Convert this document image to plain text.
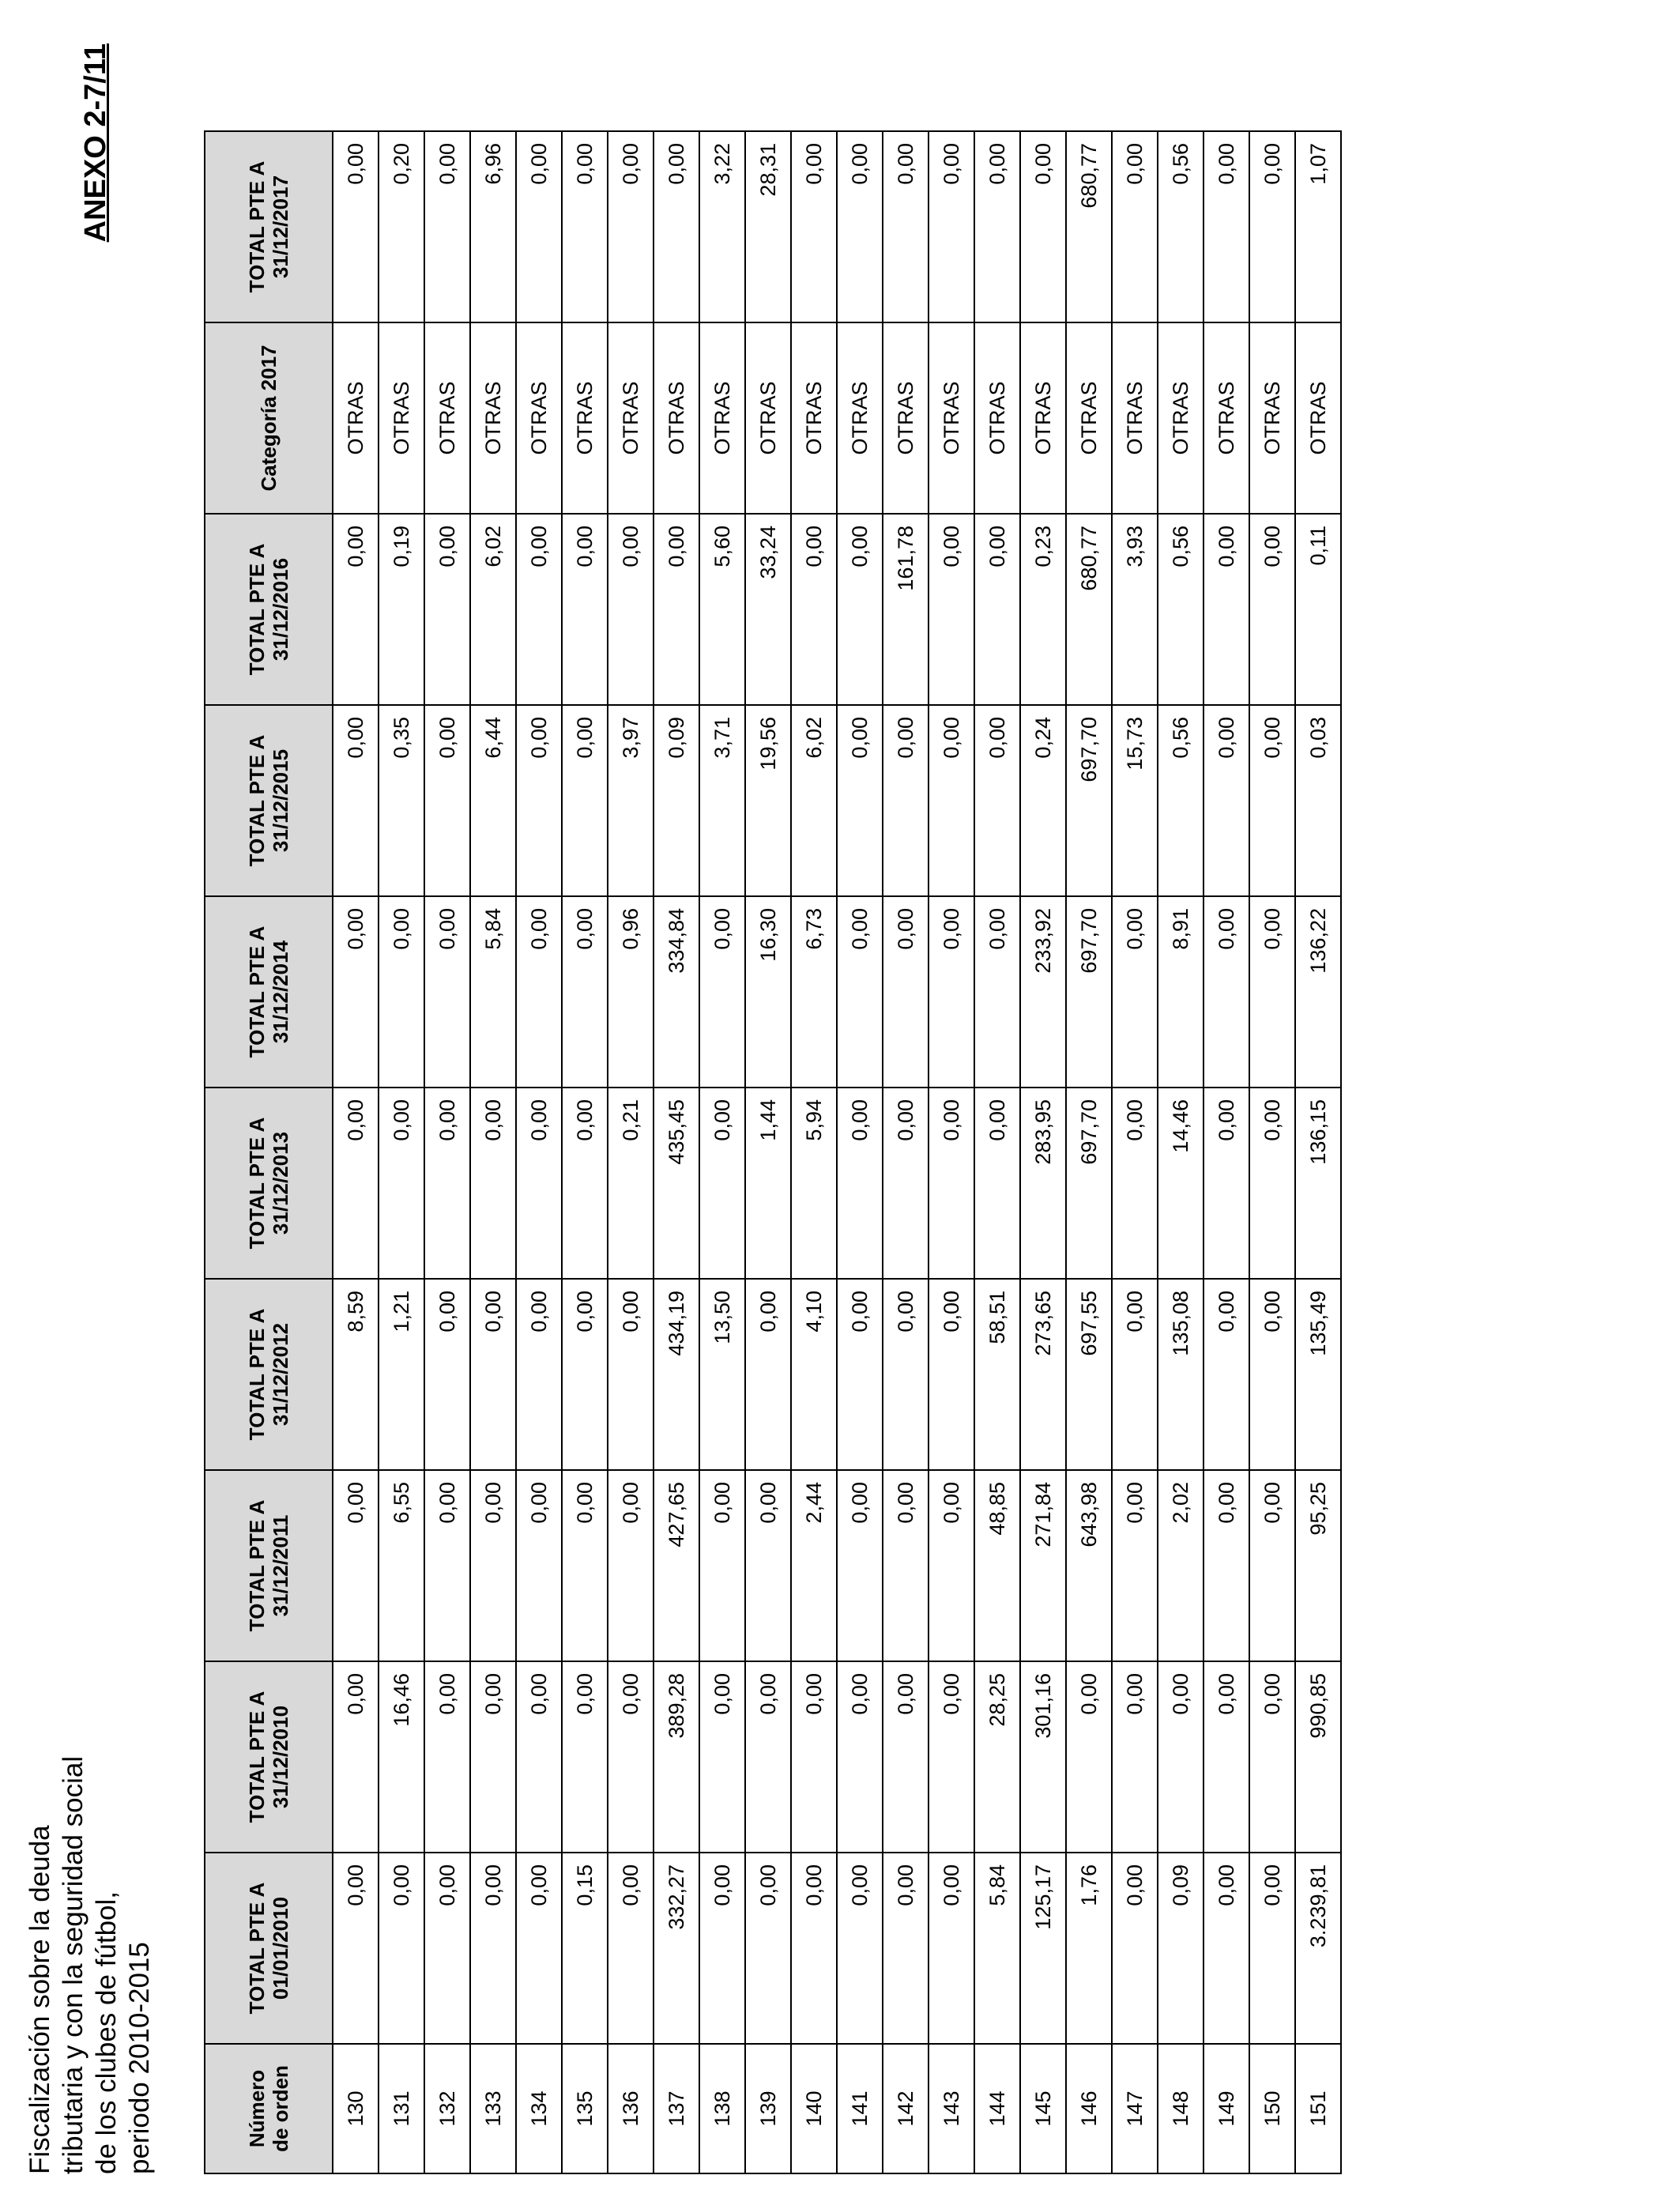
Fiscalización sobre la deuda tributaria y con la seguridad social de los clubes de fútbol, periodo 2010-2015
ANEXO 2-7/11
Número de orden	TOTAL PTE A 01/01/2010	TOTAL PTE A 31/12/2010	TOTAL PTE A 31/12/2011	TOTAL PTE A 31/12/2012	TOTAL PTE A 31/12/2013	TOTAL PTE A 31/12/2014	TOTAL PTE A 31/12/2015	TOTAL PTE A 31/12/2016	Categoría 2017	TOTAL PTE A 31/12/2017
130	0,00	0,00	0,00	8,59	0,00	0,00	0,00	0,00	OTRAS	0,00
131	0,00	16,46	6,55	1,21	0,00	0,00	0,35	0,19	OTRAS	0,20
132	0,00	0,00	0,00	0,00	0,00	0,00	0,00	0,00	OTRAS	0,00
133	0,00	0,00	0,00	0,00	0,00	5,84	6,44	6,02	OTRAS	6,96
134	0,00	0,00	0,00	0,00	0,00	0,00	0,00	0,00	OTRAS	0,00
135	0,15	0,00	0,00	0,00	0,00	0,00	0,00	0,00	OTRAS	0,00
136	0,00	0,00	0,00	0,00	0,21	0,96	3,97	0,00	OTRAS	0,00
137	332,27	389,28	427,65	434,19	435,45	334,84	0,09	0,00	OTRAS	0,00
138	0,00	0,00	0,00	13,50	0,00	0,00	3,71	5,60	OTRAS	3,22
139	0,00	0,00	0,00	0,00	1,44	16,30	19,56	33,24	OTRAS	28,31
140	0,00	0,00	2,44	4,10	5,94	6,73	6,02	0,00	OTRAS	0,00
141	0,00	0,00	0,00	0,00	0,00	0,00	0,00	0,00	OTRAS	0,00
142	0,00	0,00	0,00	0,00	0,00	0,00	0,00	161,78	OTRAS	0,00
143	0,00	0,00	0,00	0,00	0,00	0,00	0,00	0,00	OTRAS	0,00
144	5,84	28,25	48,85	58,51	0,00	0,00	0,00	0,00	OTRAS	0,00
145	125,17	301,16	271,84	273,65	283,95	233,92	0,24	0,23	OTRAS	0,00
146	1,76	0,00	643,98	697,55	697,70	697,70	697,70	680,77	OTRAS	680,77
147	0,00	0,00	0,00	0,00	0,00	0,00	15,73	3,93	OTRAS	0,00
148	0,09	0,00	2,02	135,08	14,46	8,91	0,56	0,56	OTRAS	0,56
149	0,00	0,00	0,00	0,00	0,00	0,00	0,00	0,00	OTRAS	0,00
150	0,00	0,00	0,00	0,00	0,00	0,00	0,00	0,00	OTRAS	0,00
151	3.239,81	990,85	95,25	135,49	136,15	136,22	0,03	0,11	OTRAS	1,07
